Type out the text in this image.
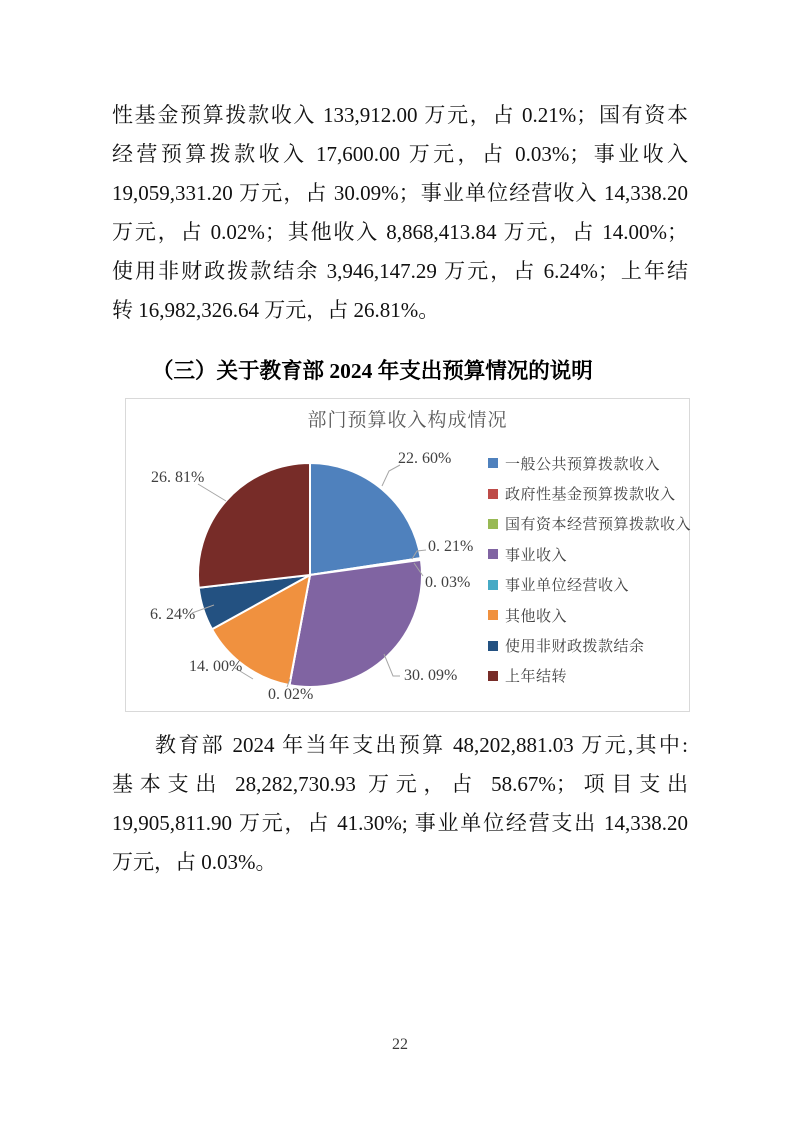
性基金预算拨款收入 133,912.00 万元，占 0.21%；国有资本
经营预算拨款收入 17,600.00 万元，占 0.03%；事业收入
19,059,331.20 万元，占 30.09%；事业单位经营收入 14,338.20
万元，占 0.02%；其他收入 8,868,413.84 万元，占 14.00%；
使用非财政拨款结余 3,946,147.29 万元，占 6.24%；上年结
转 16,982,326.64 万元，占 26.81%。
（三）关于教育部 2024 年支出预算情况的说明
部门预算收入构成情况
22. 60%
0. 21%
0. 03%
30. 09%
0. 02%
14. 00%
6. 24%
26. 81%
一般公共预算拨款收入
政府性基金预算拨款收入
国有资本经营预算拨款收入
事业收入
事业单位经营收入
其他收入
使用非财政拨款结余
上年结转
教育部 2024 年当年支出预算 48,202,881.03 万元,其中:
基本支出 28,282,730.93 万元，占 58.67%；项目支出
19,905,811.90 万元，占 41.30%; 事业单位经营支出 14,338.20
万元，占 0.03%。
22
